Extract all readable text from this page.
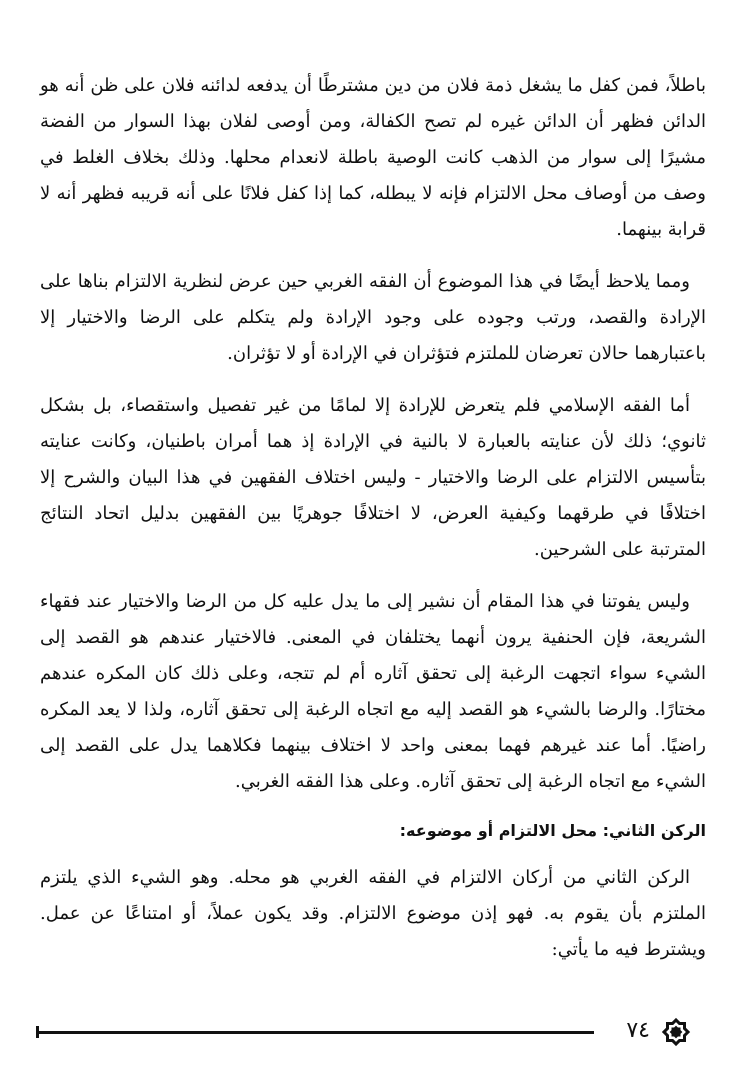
باطلاً، فمن كفل ما يشغل ذمة فلان من دين مشترطًا أن يدفعه لدائنه فلان على ظن أنه هو الدائن فظهر أن الدائن غيره لم تصح الكفالة، ومن أوصى لفلان بهذا السوار من الفضة مشيرًا إلى سوار من الذهب كانت الوصية باطلة لانعدام محلها. وذلك بخلاف الغلط في وصف من أوصاف محل الالتزام فإنه لا يبطله، كما إذا كفل فلانًا على أنه قريبه فظهر أنه لا قرابة بينهما.

ومما يلاحظ أيضًا في هذا الموضوع أن الفقه الغربي حين عرض لنظرية الالتزام بناها على الإرادة والقصد، ورتب وجوده على وجود الإرادة ولم يتكلم على الرضا والاختيار إلا باعتبارهما حالان تعرضان للملتزم فتؤثران في الإرادة أو لا تؤثران.

أما الفقه الإسلامي فلم يتعرض للإرادة إلا لمامًا من غير تفصيل واستقصاء، بل بشكل ثانوي؛ ذلك لأن عنايته بالعبارة لا بالنية في الإرادة إذ هما أمران باطنيان، وكانت عنايته بتأسيس الالتزام على الرضا والاختيار - وليس اختلاف الفقهين في هذا البيان والشرح إلا اختلافًا في طرقهما وكيفية العرض، لا اختلافًا جوهريًا بين الفقهين بدليل اتحاد النتائج المترتبة على الشرحين.

وليس يفوتنا في هذا المقام أن نشير إلى ما يدل عليه كل من الرضا والاختيار عند فقهاء الشريعة، فإن الحنفية يرون أنهما يختلفان في المعنى. فالاختيار عندهم هو القصد إلى الشيء سواء اتجهت الرغبة إلى تحقق آثاره أم لم تتجه، وعلى ذلك كان المكره عندهم مختارًا. والرضا بالشيء هو القصد إليه مع اتجاه الرغبة إلى تحقق آثاره، ولذا لا يعد المكره راضيًا. أما عند غيرهم فهما بمعنى واحد لا اختلاف بينهما فكلاهما يدل على القصد إلى الشيء مع اتجاه الرغبة إلى تحقق آثاره. وعلى هذا الفقه الغربي.

الركن الثاني: محل الالتزام أو موضوعه:

الركن الثاني من أركان الالتزام في الفقه الغربي هو محله. وهو الشيء الذي يلتزم الملتزم بأن يقوم به. فهو إذن موضوع الالتزام. وقد يكون عملاً، أو امتناعًا عن عمل. ويشترط فيه ما يأتي:

٧٤
